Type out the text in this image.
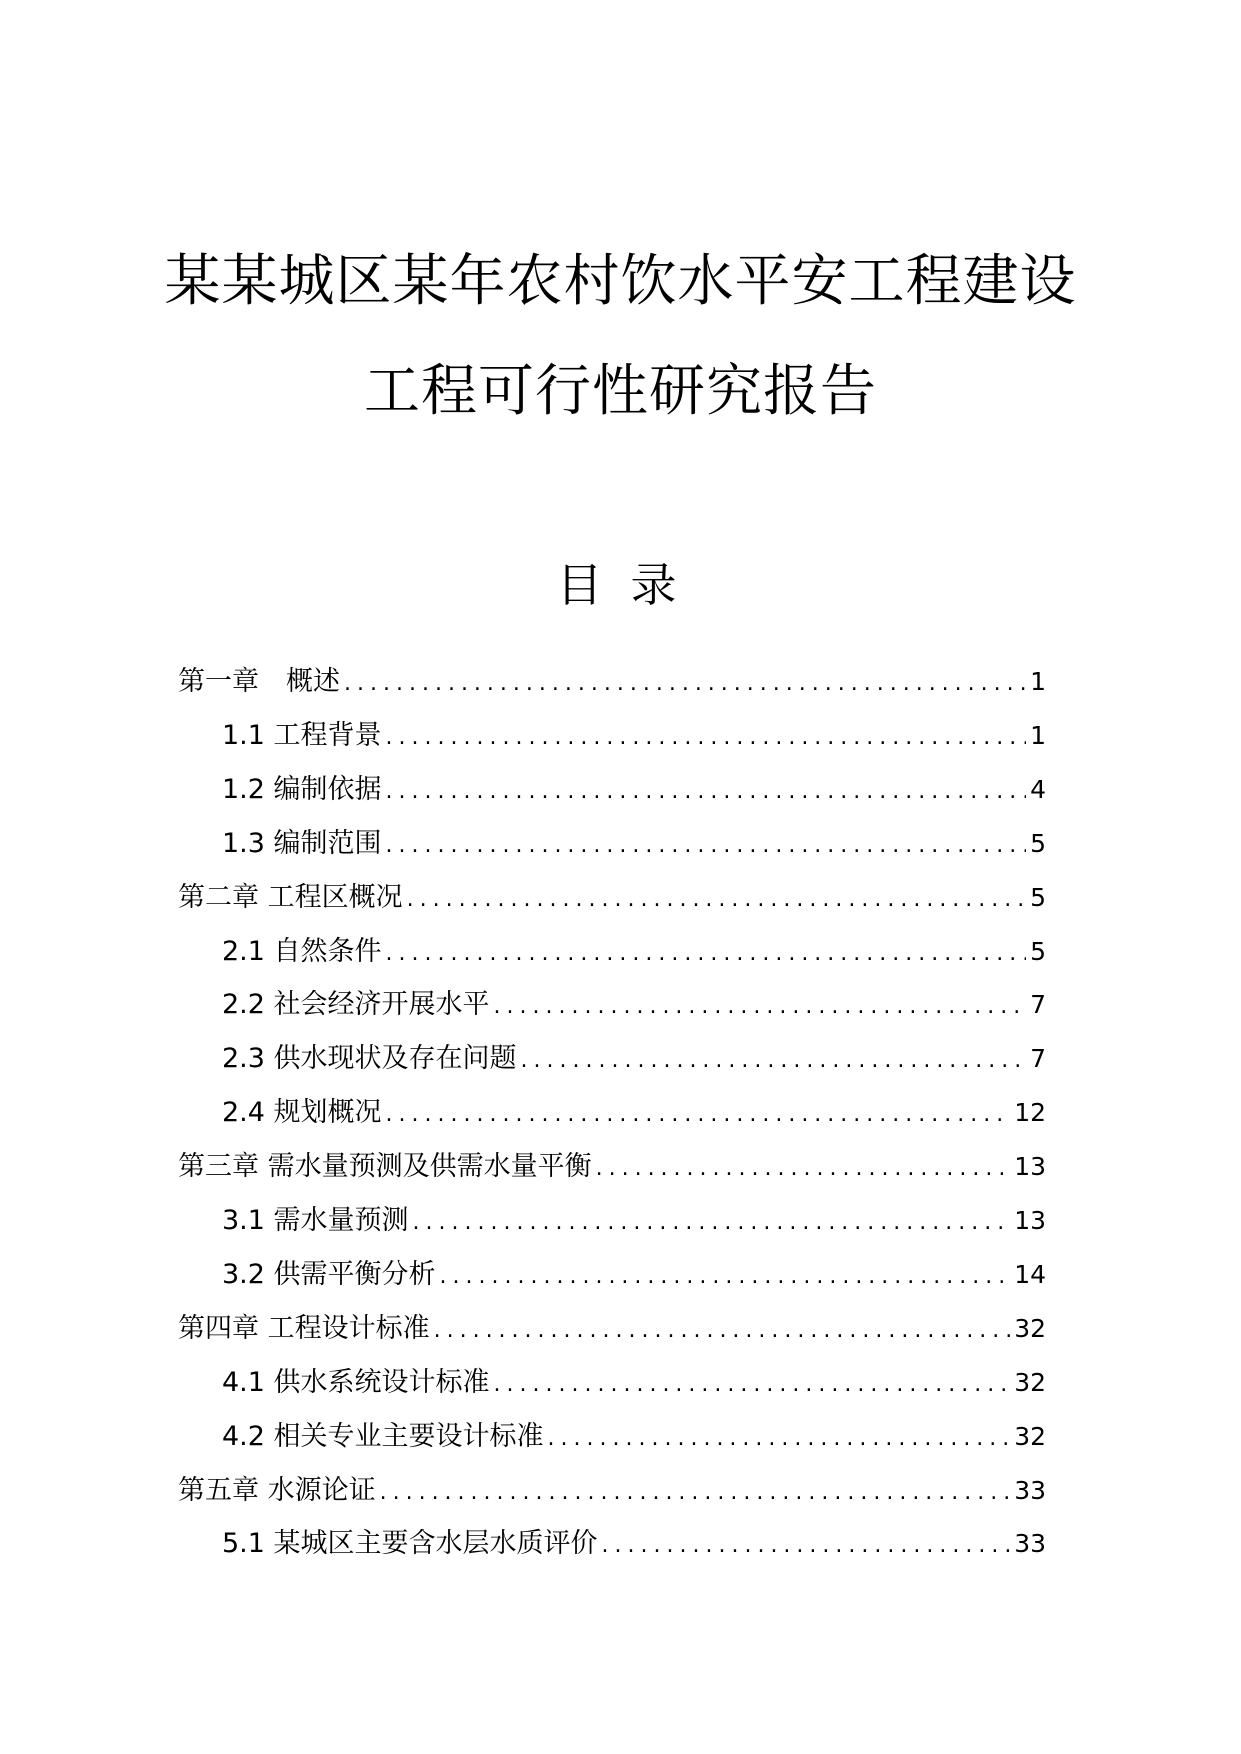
某某城区某年农村饮水平安工程建设
工程可行性研究报告
目录
第一章　概述 .....	1
1.1 工程背景 .....	1
1.2 编制依据 .....	4
1.3 编制范围 .....	5
第二章 工程区概况 .....	5
2.1 自然条件 .....	5
2.2 社会经济开展水平 .....	7
2.3 供水现状及存在问题 .....	7
2.4 规划概况 .....	12
第三章 需水量预测及供需水量平衡 .....	13
3.1 需水量预测 .....	13
3.2 供需平衡分析 .....	14
第四章 工程设计标准 .....	32
4.1 供水系统设计标准 .....	32
4.2 相关专业主要设计标准 .....	32
第五章 水源论证 .....	33
5.1 某城区主要含水层水质评价 .....	33
